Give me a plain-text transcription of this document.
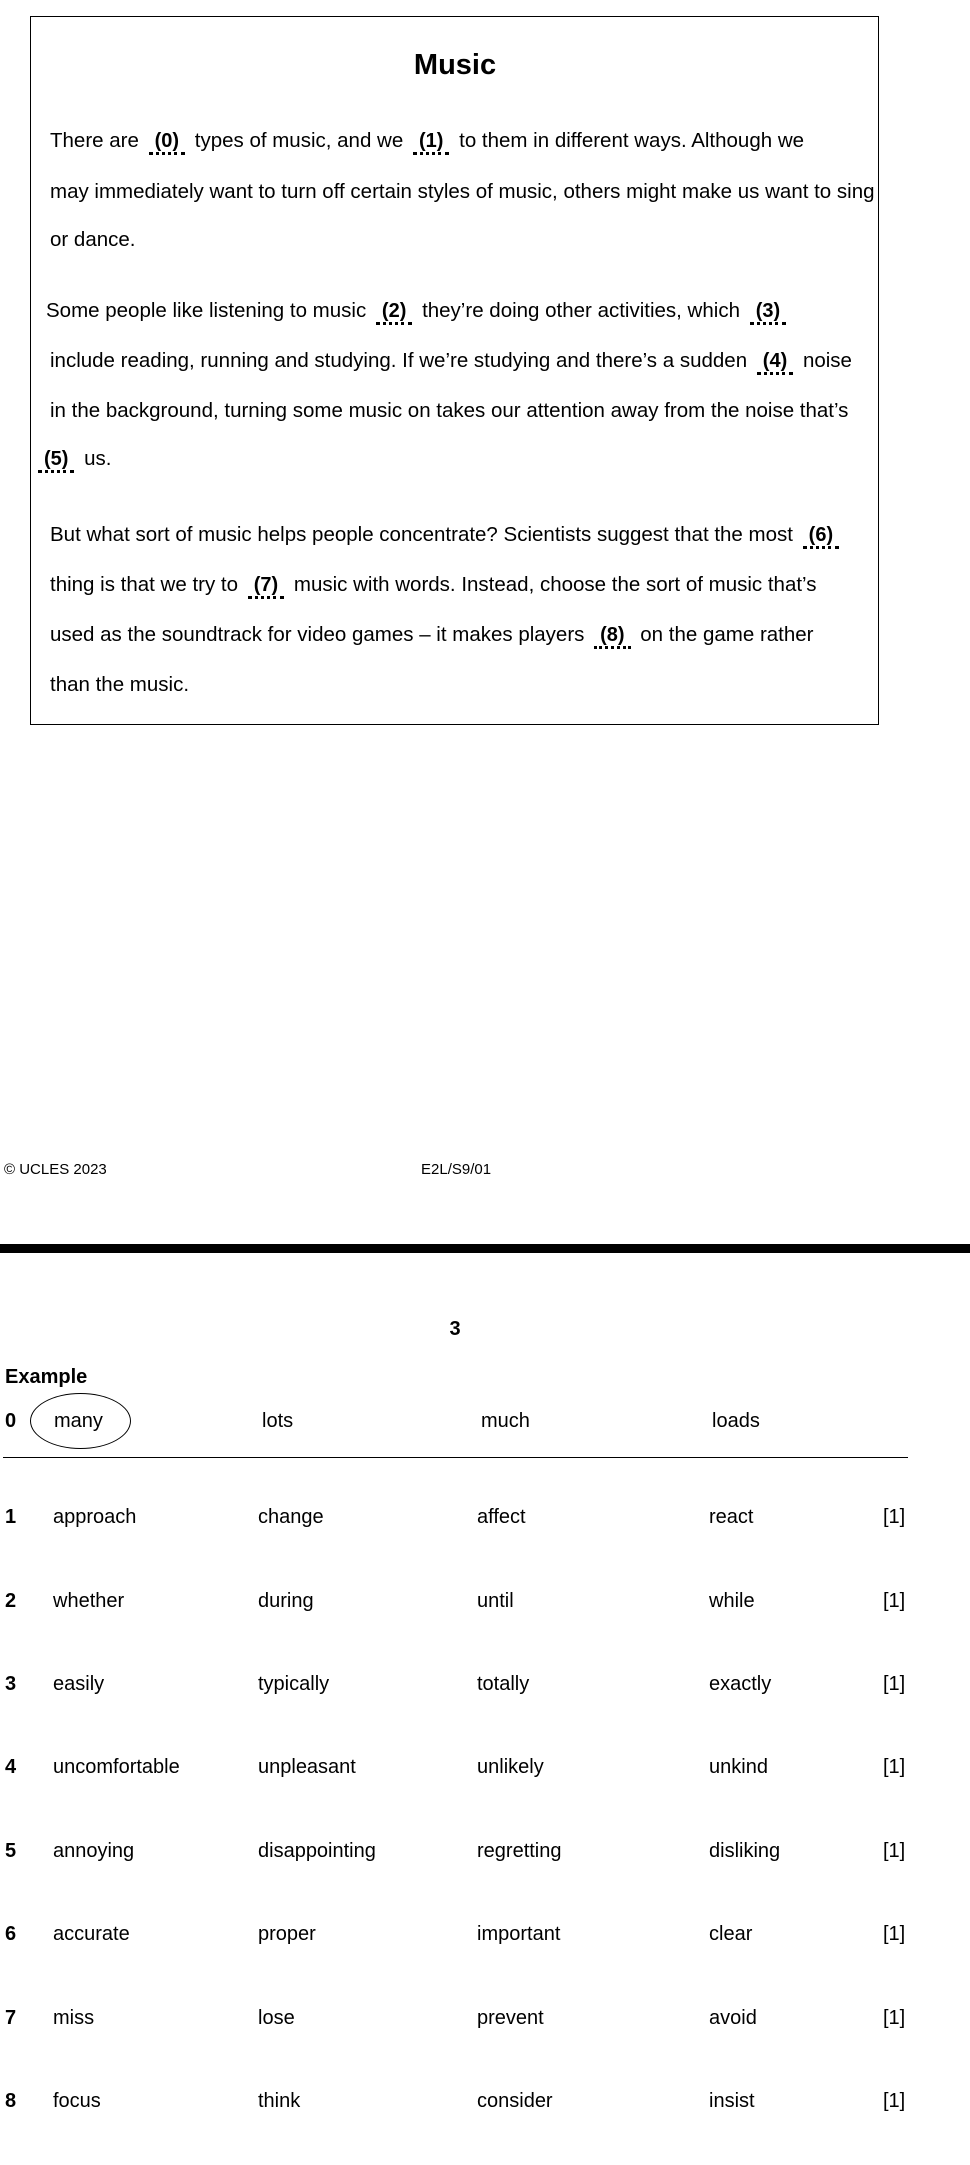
Music
There are (0) types of music, and we (1) to them in different ways. Although we
may immediately want to turn off certain styles of music, others might make us want to sing
or dance.
Some people like listening to music (2) they’re doing other activities, which (3)
include reading, running and studying. If we’re studying and there’s a sudden (4) noise
in the background, turning some music on takes our attention away from the noise that’s
(5) us.
But what sort of music helps people concentrate? Scientists suggest that the most (6)
thing is that we try to (7) music with words. Instead, choose the sort of music that’s
used as the soundtrack for video games – it makes players (8) on the game rather
than the music.
© UCLES 2023	E2L/S9/01
3
Example
0 many	lots	much	loads
1 approach	change	affect	react	[1]
2 whether	during	until	while	[1]
3 easily	typically	totally	exactly	[1]
4 uncomfortable	unpleasant	unlikely	unkind	[1]
5 annoying	disappointing	regretting	disliking	[1]
6 accurate	proper	important	clear	[1]
7 miss	lose	prevent	avoid	[1]
8 focus	think	consider	insist	[1]
